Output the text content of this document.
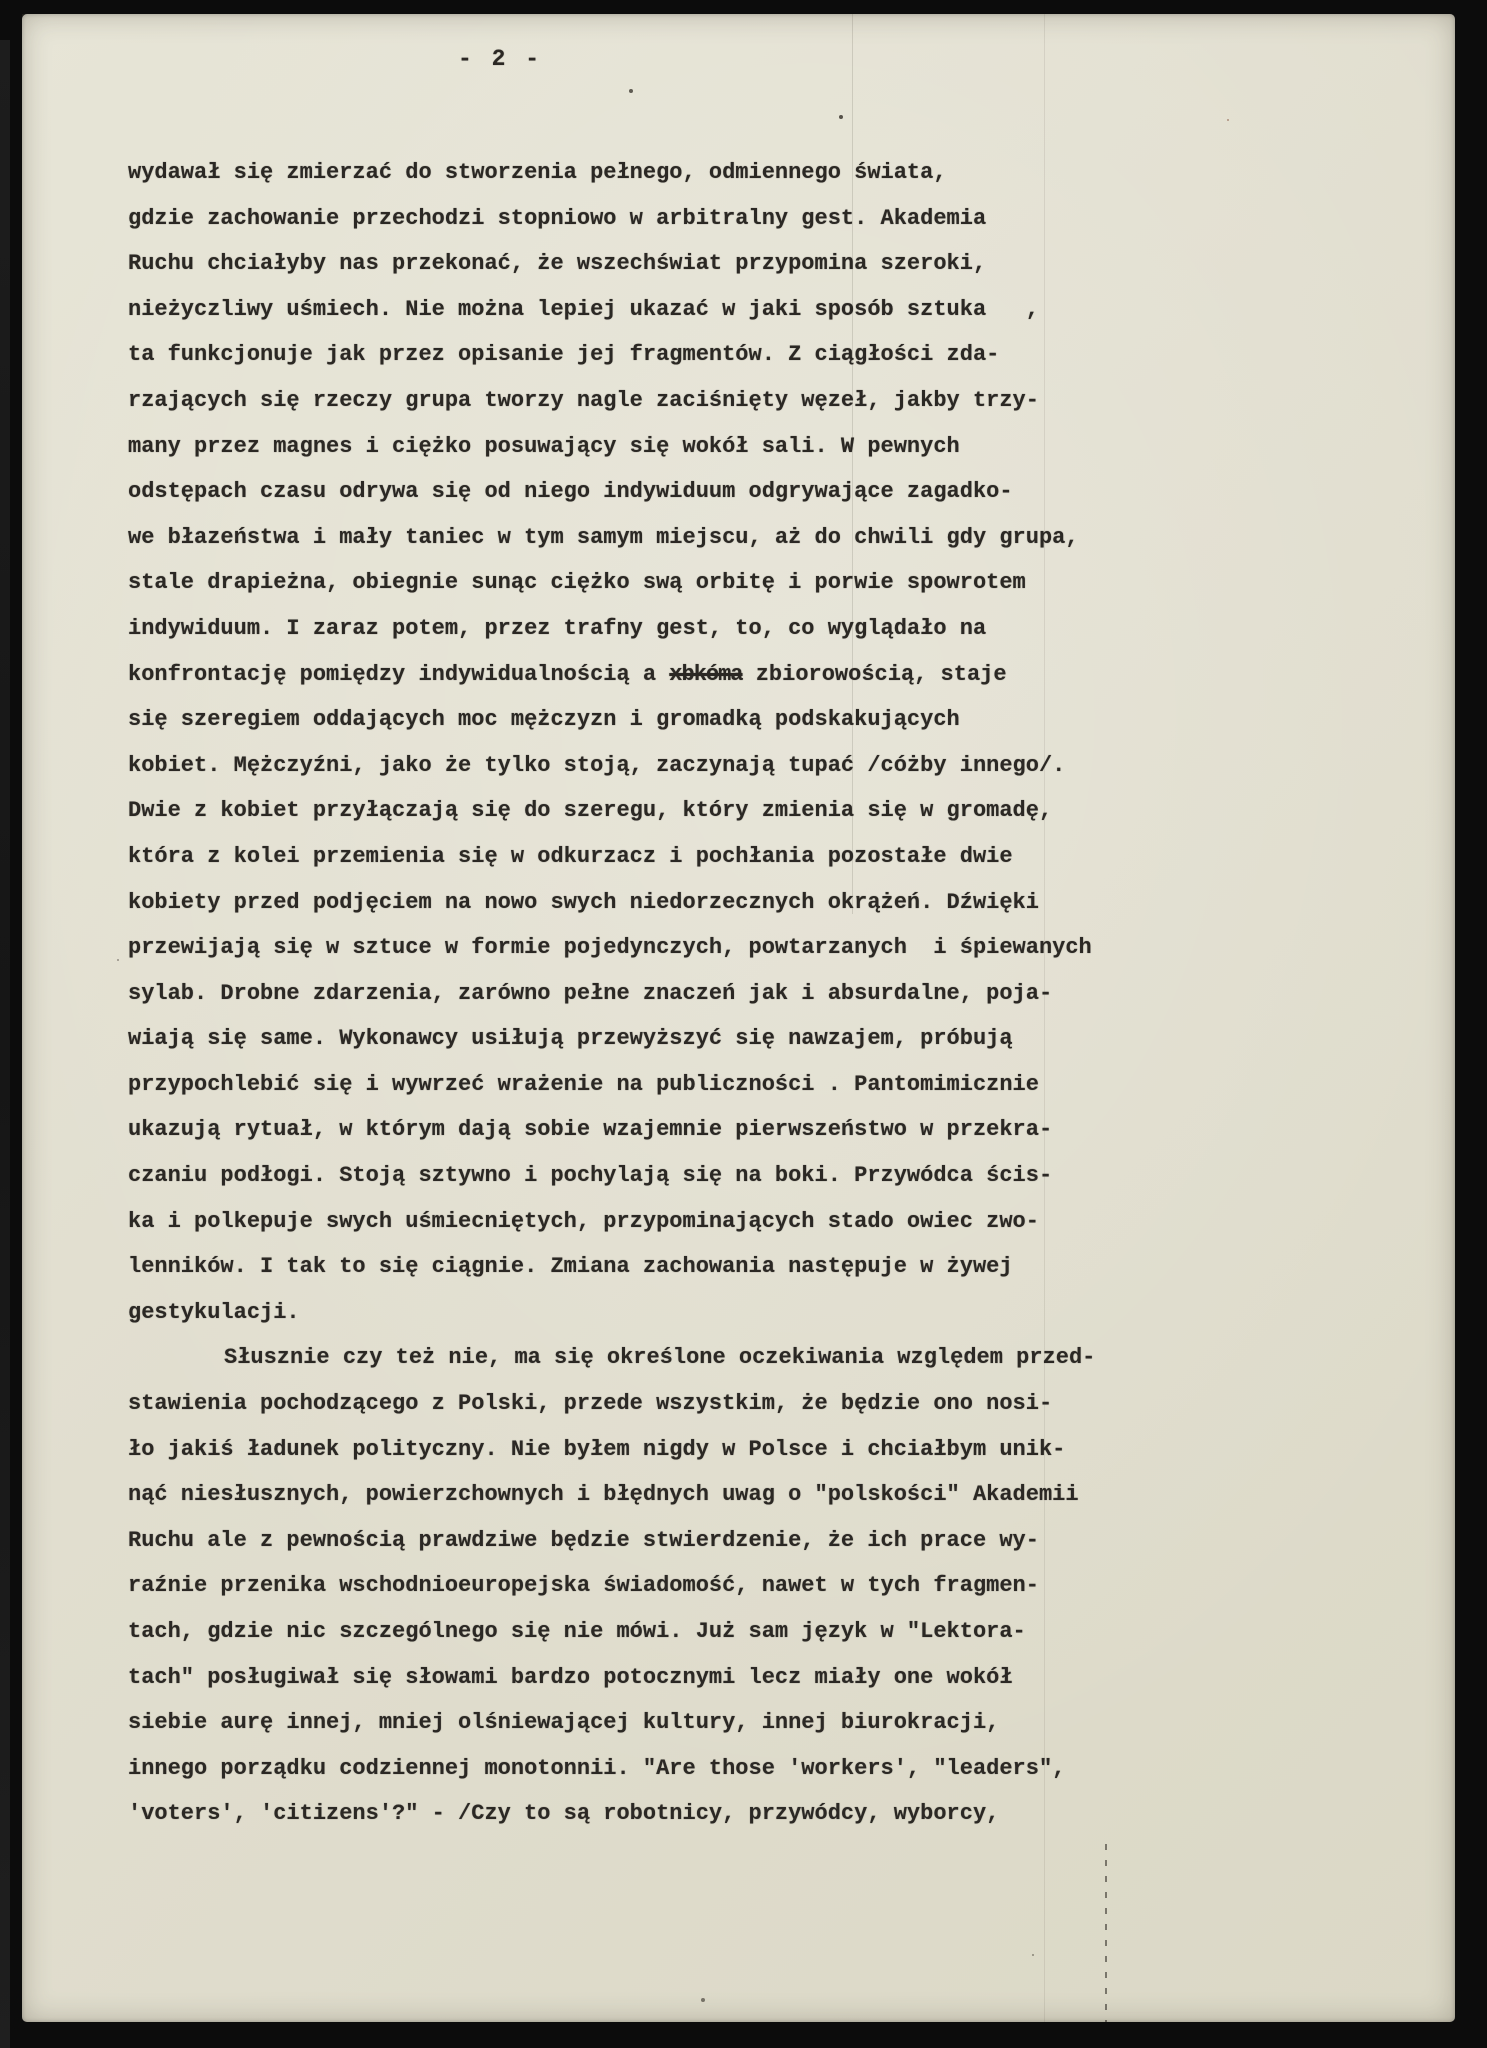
- 2 -
wydawał się zmierzać do stworzenia pełnego, odmiennego świata,
gdzie zachowanie przechodzi stopniowo w arbitralny gest. Akademia
Ruchu chciałyby nas przekonać, że wszechświat przypomina szeroki,
nieżyczliwy uśmiech. Nie można lepiej ukazać w jaki sposób sztuka   ,
ta funkcjonuje jak przez opisanie jej fragmentów. Z ciągłości zda-
rzających się rzeczy grupa tworzy nagle zaciśnięty węzeł, jakby trzy-
many przez magnes i ciężko posuwający się wokół sali. W pewnych
odstępach czasu odrywa się od niego indywiduum odgrywające zagadko-
we błazeństwa i mały taniec w tym samym miejscu, aż do chwili gdy grupa,
stale drapieżna, obiegnie sunąc ciężko swą orbitę i porwie spowrotem
indywiduum. I zaraz potem, przez trafny gest, to, co wyglądało na
konfrontację pomiędzy indywidualnością a xbkóma zbiorowością, staje
się szeregiem oddających moc mężczyzn i gromadką podskakujących
kobiet. Mężczyźni, jako że tylko stoją, zaczynają tupać /cóżby innego/.
Dwie z kobiet przyłączają się do szeregu, który zmienia się w gromadę,
która z kolei przemienia się w odkurzacz i pochłania pozostałe dwie
kobiety przed podjęciem na nowo swych niedorzecznych okrążeń. Dźwięki
przewijają się w sztuce w formie pojedynczych, powtarzanych  i śpiewanych
sylab. Drobne zdarzenia, zarówno pełne znaczeń jak i absurdalne, poja-
wiają się same. Wykonawcy usiłują przewyższyć się nawzajem, próbują
przypochlebić się i wywrzeć wrażenie na publiczności . Pantomimicznie
ukazują rytuał, w którym dają sobie wzajemnie pierwszeństwo w przekra-
czaniu podłogi. Stoją sztywno i pochylają się na boki. Przywódca ścis-
ka i polkepuje swych uśmiecniętych, przypominających stado owiec zwo-
lenników. I tak to się ciągnie. Zmiana zachowania następuje w żywej
gestykulacji.
Słusznie czy też nie, ma się określone oczekiwania względem przed-
stawienia pochodzącego z Polski, przede wszystkim, że będzie ono nosi-
ło jakiś ładunek polityczny. Nie byłem nigdy w Polsce i chciałbym unik-
nąć niesłusznych, powierzchownych i błędnych uwag o "polskości" Akademii
Ruchu ale z pewnością prawdziwe będzie stwierdzenie, że ich prace wy-
raźnie przenika wschodnioeuropejska świadomość, nawet w tych fragmen-
tach, gdzie nic szczególnego się nie mówi. Już sam język w "Lektora-
tach" posługiwał się słowami bardzo potocznymi lecz miały one wokół
siebie aurę innej, mniej olśniewającej kultury, innej biurokracji,
innego porządku codziennej monotonnii. "Are those 'workers', "leaders",
'voters', 'citizens'?" - /Czy to są robotnicy, przywódcy, wyborcy,
